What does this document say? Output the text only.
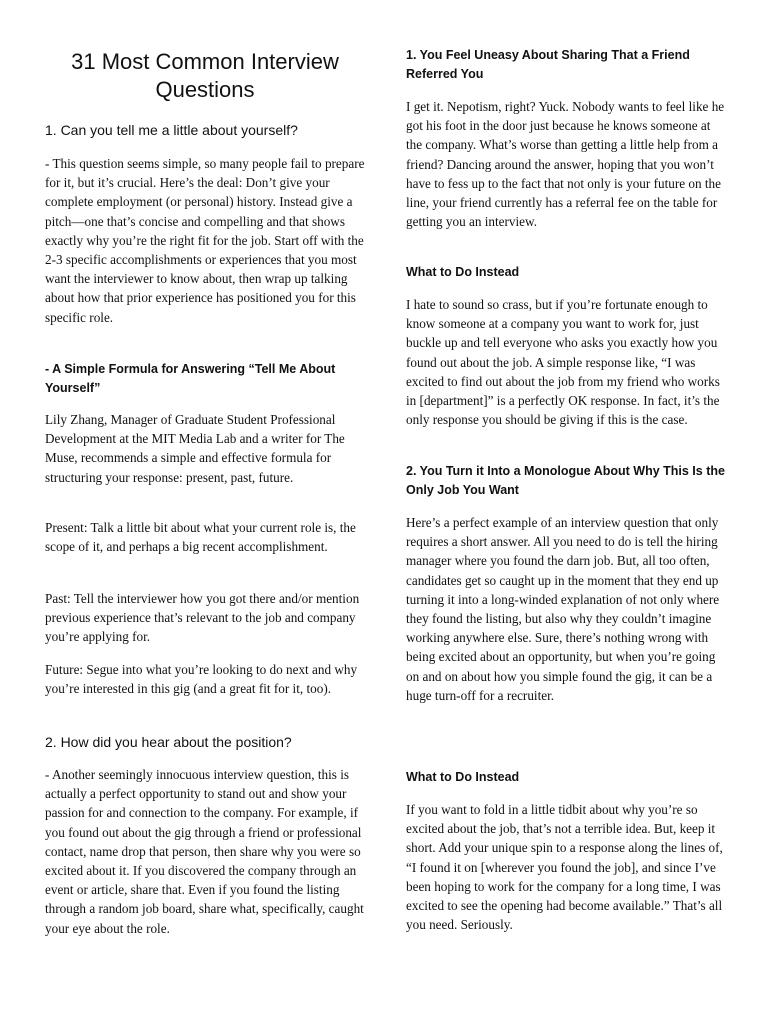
31 Most Common Interview
Questions
1. Can you tell me a little about yourself?

- This question seems simple, so many people fail to prepare for it, but it’s crucial. Here’s the deal: Don’t give your complete employment (or personal) history. Instead give a pitch—one that’s concise and compelling and that shows exactly why you’re the right fit for the job. Start off with the 2-3 specific accomplishments or experiences that you most want the interviewer to know about, then wrap up talking about how that prior experience has positioned you for this specific role.

- A Simple Formula for Answering “Tell Me About Yourself”

Lily Zhang, Manager of Graduate Student Professional Development at the MIT Media Lab and a writer for The Muse, recommends a simple and effective formula for structuring your response: present, past, future.

Present: Talk a little bit about what your current role is, the scope of it, and perhaps a big recent accomplishment.

Past: Tell the interviewer how you got there and/or mention previous experience that’s relevant to the job and company you’re applying for.

Future: Segue into what you’re looking to do next and why you’re interested in this gig (and a great fit for it, too).

2. How did you hear about the position?

- Another seemingly innocuous interview question, this is actually a perfect opportunity to stand out and show your passion for and connection to the company. For example, if you found out about the gig through a friend or professional contact, name drop that person, then share why you were so excited about it. If you discovered the company through an event or article, share that. Even if you found the listing through a random job board, share what, specifically, caught your eye about the role.

1. You Feel Uneasy About Sharing That a Friend Referred You

I get it. Nepotism, right? Yuck. Nobody wants to feel like he got his foot in the door just because he knows someone at the company. What’s worse than getting a little help from a friend? Dancing around the answer, hoping that you won’t have to fess up to the fact that not only is your future on the line, your friend currently has a referral fee on the table for getting you an interview.

What to Do Instead

I hate to sound so crass, but if you’re fortunate enough to know someone at a company you want to work for, just buckle up and tell everyone who asks you exactly how you found out about the job. A simple response like, “I was excited to find out about the job from my friend who works in [department]” is a perfectly OK response. In fact, it’s the only response you should be giving if this is the case.

2. You Turn it Into a Monologue About Why This Is the Only Job You Want

Here’s a perfect example of an interview question that only requires a short answer. All you need to do is tell the hiring manager where you found the darn job. But, all too often, candidates get so caught up in the moment that they end up turning it into a long-winded explanation of not only where they found the listing, but also why they couldn’t imagine working anywhere else. Sure, there’s nothing wrong with being excited about an opportunity, but when you’re going on and on about how you simple found the gig, it can be a huge turn-off for a recruiter.

What to Do Instead

If you want to fold in a little tidbit about why you’re so excited about the job, that’s not a terrible idea. But, keep it short. Add your unique spin to a response along the lines of, “I found it on [wherever you found the job], and since I’ve been hoping to work for the company for a long time, I was excited to see the opening had become available.” That’s all you need. Seriously.
